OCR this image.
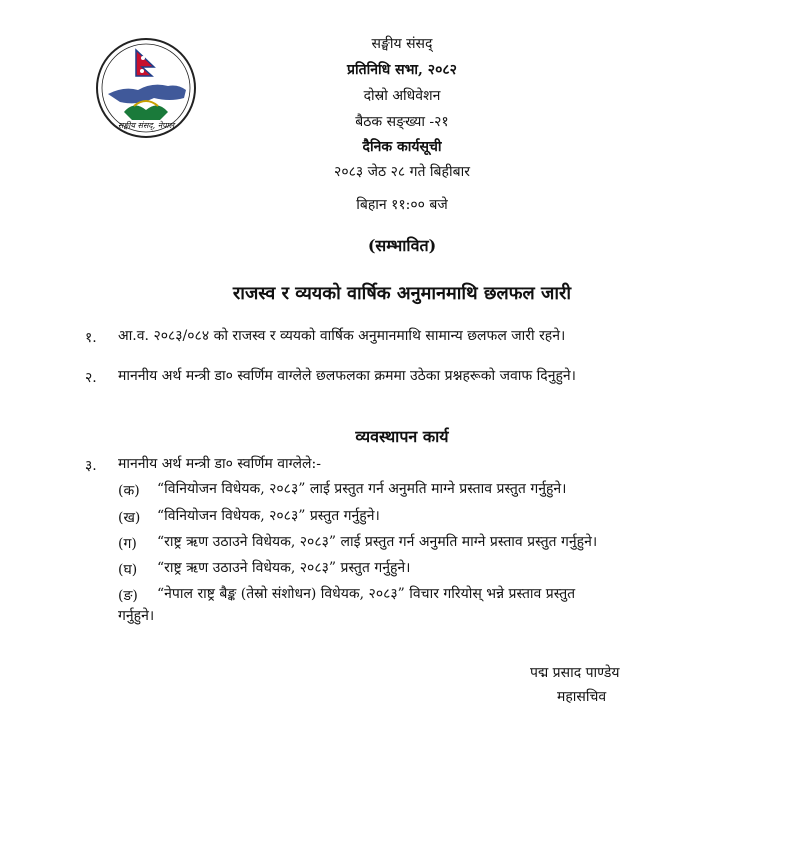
सङ्घीय संसद्, नेपाल
सङ्घीय संसद्
प्रतिनिधि सभा, २०८२
दोस्रो अधिवेशन
बैठक सङ्ख्या -२१
दैनिक कार्यसूची
२०८३ जेठ २८ गते बिहीबार
बिहान ११:०० बजे
(सम्भावित)
राजस्व र व्ययको वार्षिक अनुमानमाथि छलफल जारी
१. आ.व. २०८३/०८४ को राजस्व र व्ययको वार्षिक अनुमानमाथि सामान्य छलफल जारी रहने।
२. माननीय अर्थ मन्त्री डा० स्वर्णिम वाग्लेले छलफलका क्रममा उठेका प्रश्नहरूको जवाफ दिनुहुने।
व्यवस्थापन कार्य
३. माननीय अर्थ मन्त्री डा० स्वर्णिम वाग्लेले:-
(क) “विनियोजन विधेयक, २०८३” लाई प्रस्तुत गर्न अनुमति माग्ने प्रस्ताव प्रस्तुत गर्नुहुने।
(ख) “विनियोजन विधेयक, २०८३” प्रस्तुत गर्नुहुने।
(ग) “राष्ट्र ऋण उठाउने विधेयक, २०८३” लाई प्रस्तुत गर्न अनुमति माग्ने प्रस्ताव प्रस्तुत गर्नुहुने।
(घ) “राष्ट्र ऋण उठाउने विधेयक, २०८३” प्रस्तुत गर्नुहुने।
(ङ) “नेपाल राष्ट्र बैङ्क (तेस्रो संशोधन) विधेयक, २०८३” विचार गरियोस् भन्ने प्रस्ताव प्रस्तुत
गर्नुहुने।
पद्म प्रसाद पाण्डेय
महासचिव
